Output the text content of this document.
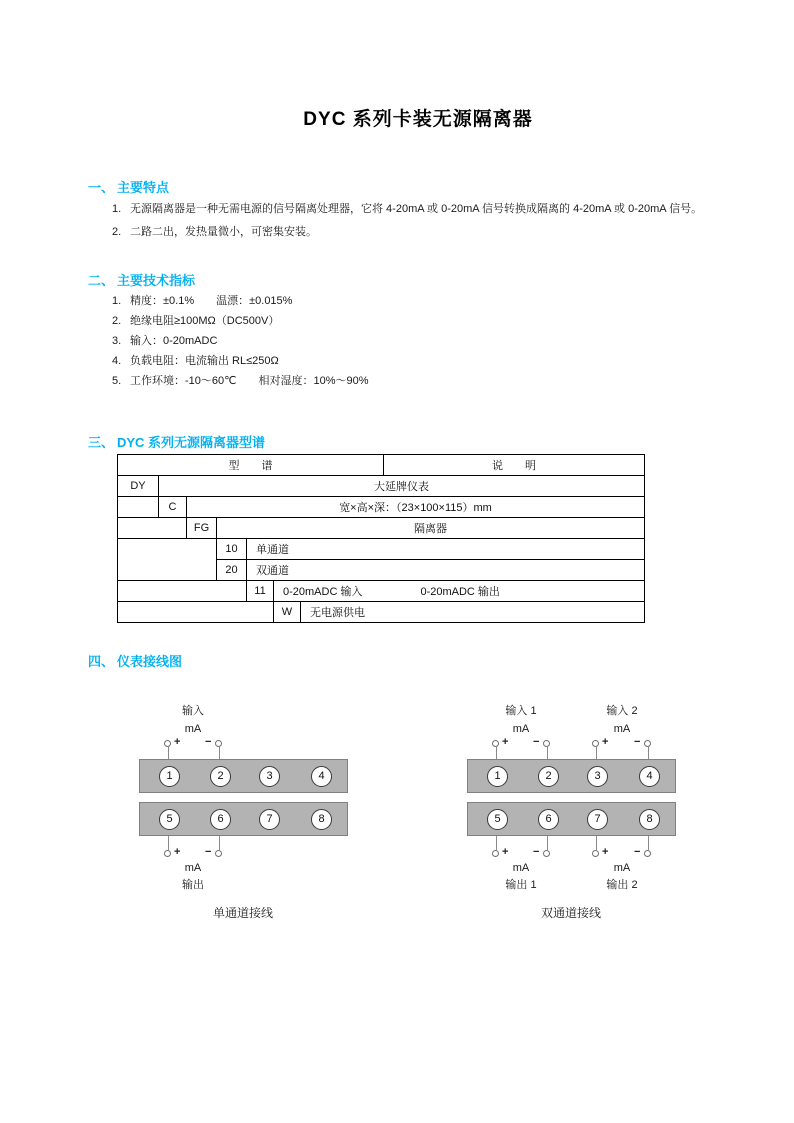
DYC 系列卡装无源隔离器
一、 主要特点
1. 无源隔离器是一种无需电源的信号隔离处理器，它将 4-20mA 或 0-20mA 信号转换成隔离的 4-20mA 或 0-20mA 信号。
2. 二路二出，发热量微小，可密集安装。
二、 主要技术指标
1. 精度：±0.1%　　温漂：±0.015%
2. 绝缘电阻≥100MΩ（DC500V）
3. 输入：0-20mADC
4. 负载电阻：电流输出 RL≤250Ω
5. 工作环境：-10～60℃　　相对湿度：10%～90%
三、 DYC 系列无源隔离器型谱
型　　谱							说　　明
DY	大延牌仪表						
	C	宽×高×深：（23×100×115）mm					
		FG	隔离器				
			10	单通道			
			20	双通道			
				11	0-20mADC 输入 0-20mADC 输出		
					W	无电源供电	
四、 仪表接线图
输入
mA
+ −
1	2	3	4
5	6	7	8
+ −
mA
输出
单通道接线
输入 1	输入 2
mA	mA
+ −	+ −
1	2	3	4
5	6	7	8
+ −	+ −
mA	mA
输出 1	输出 2
双通道接线
